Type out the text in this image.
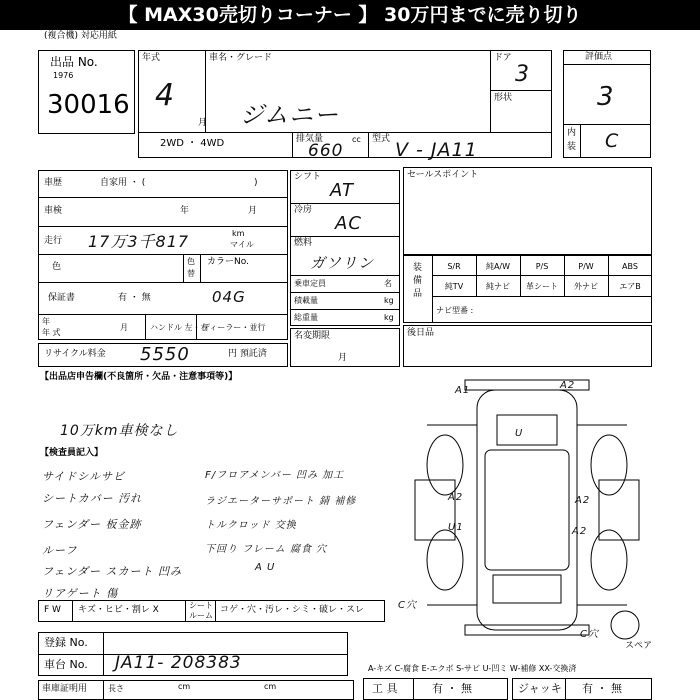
【 MAX30売切りコーナー 】 30万円までに売り切り
(複合機) 対応用紙
出品 No.
1976
30016
年式
4
月
車名・グレード
ジムニー
ドア
3
形状
2WD ・ 4WD	排気量	cc
660
型式 V - JA11
評価点
3
内
装 C
車歴	自家用 ・ (	)
車検	年	月
走行 17万3千817	km
マイル
色
色
替
カラーNo.
保証書	有 ・ 無	04G
年
年 式
月	ハンドル 左・右
ディーラー・並行
リサイクル料金 5550	円 預託済
シフト
AT
冷房
AC
燃料
ガソリン
乗車定員	名
積載量	kg
総重量	kg
名変期限
月
セールスポイント
装備品
S/R	純A/W	P/S	P/W	ABS
純TV	純ナビ	革シート	外ナビ	エアB
ナビ型番 :
後日品
【出品店申告欄(不良箇所・欠品・注意事項等)】
10万km車検なし
【検査員記入】
サイドシルサビ
シートカバー 汚れ
フェンダー 板金跡
ルーフ
フェンダー スカート 凹み
リアゲート 傷
F/フロアメンバー 凹み 加工
ラジエーターサポート 錆 補修
トルクロッド 交換
下回り フレーム 腐食 穴
A U
A1	A2
A2	A2
A2
U
U1
C穴
C穴
スペア
F W キズ・ヒビ・割レ X	シート
ルーム
コゲ・穴・汚レ・シミ・破レ・スレ
登録 No.
車台 No. JA11- 208383	A-キズ C-腐食 E-エクボ S-サビ U-凹ミ W-補修 XX-交換済
車庫証明用	長さ	cm	cm	工 具	有 ・ 無	ジャッキ 有 ・ 無
